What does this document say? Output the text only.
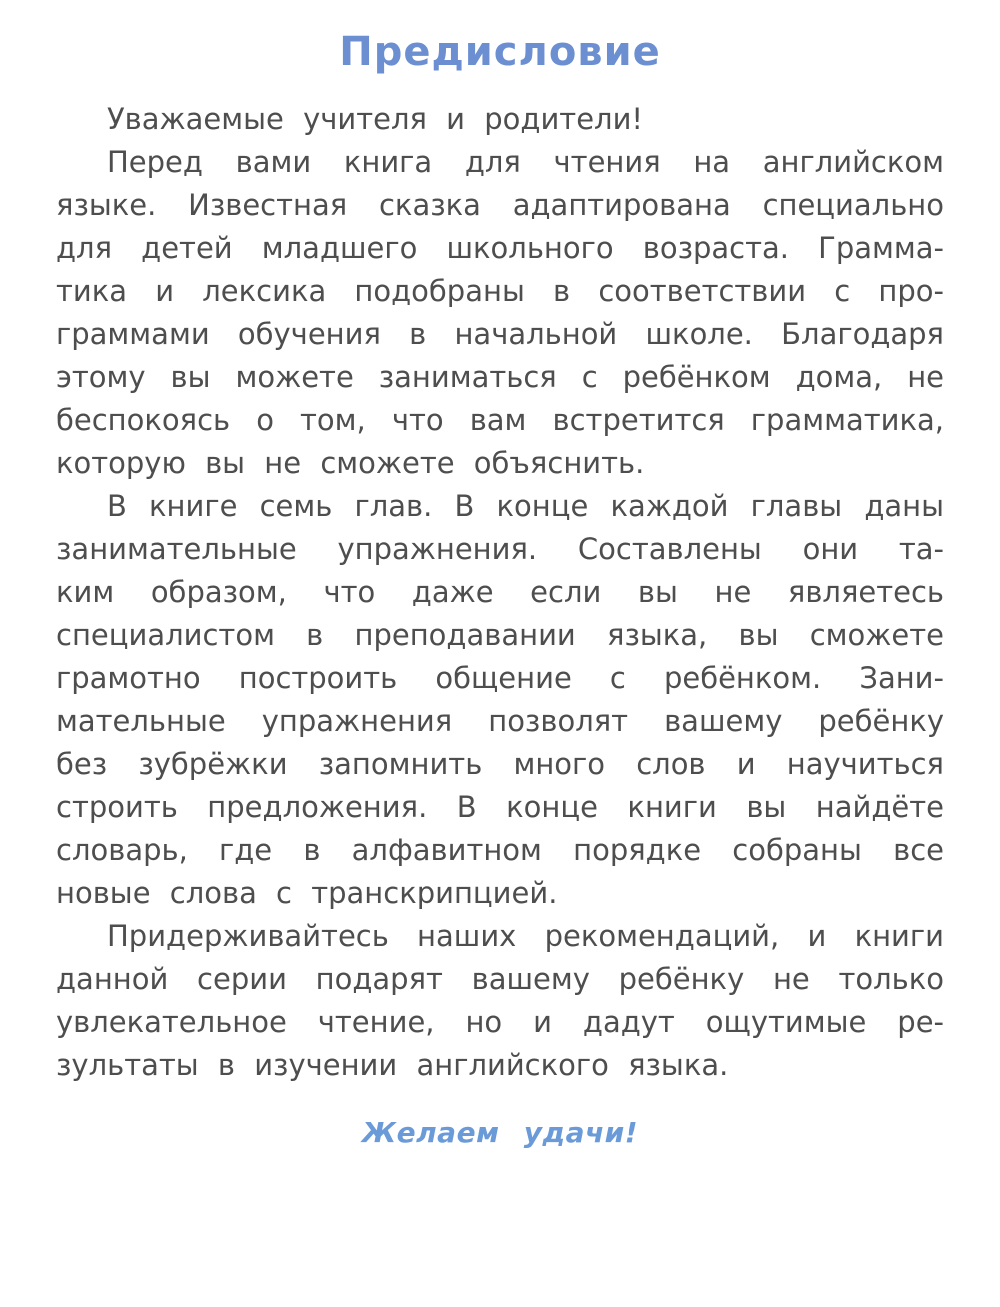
Предисловие
Уважаемые учителя и родители!
Перед вами книга для чтения на английском
языке. Известная сказка адаптирована специально
для детей младшего школьного возраста. Грамма-
тика и лексика подобраны в соответствии с про-
граммами обучения в начальной школе. Благодаря
этому вы можете заниматься с ребёнком дома, не
беспокоясь о том, что вам встретится грамматика,
которую вы не сможете объяснить.
В книге семь глав. В конце каждой главы даны
занимательные упражнения. Составлены они та-
ким образом, что даже если вы не являетесь
специалистом в преподавании языка, вы сможете
грамотно построить общение с ребёнком. Зани-
мательные упражнения позволят вашему ребёнку
без зубрёжки запомнить много слов и научиться
строить предложения. В конце книги вы найдёте
словарь, где в алфавитном порядке собраны все
новые слова с транскрипцией.
Придерживайтесь наших рекомендаций, и книги
данной серии подарят вашему ребёнку не только
увлекательное чтение, но и дадут ощутимые ре-
зультаты в изучении английского языка.
Желаем удачи!
